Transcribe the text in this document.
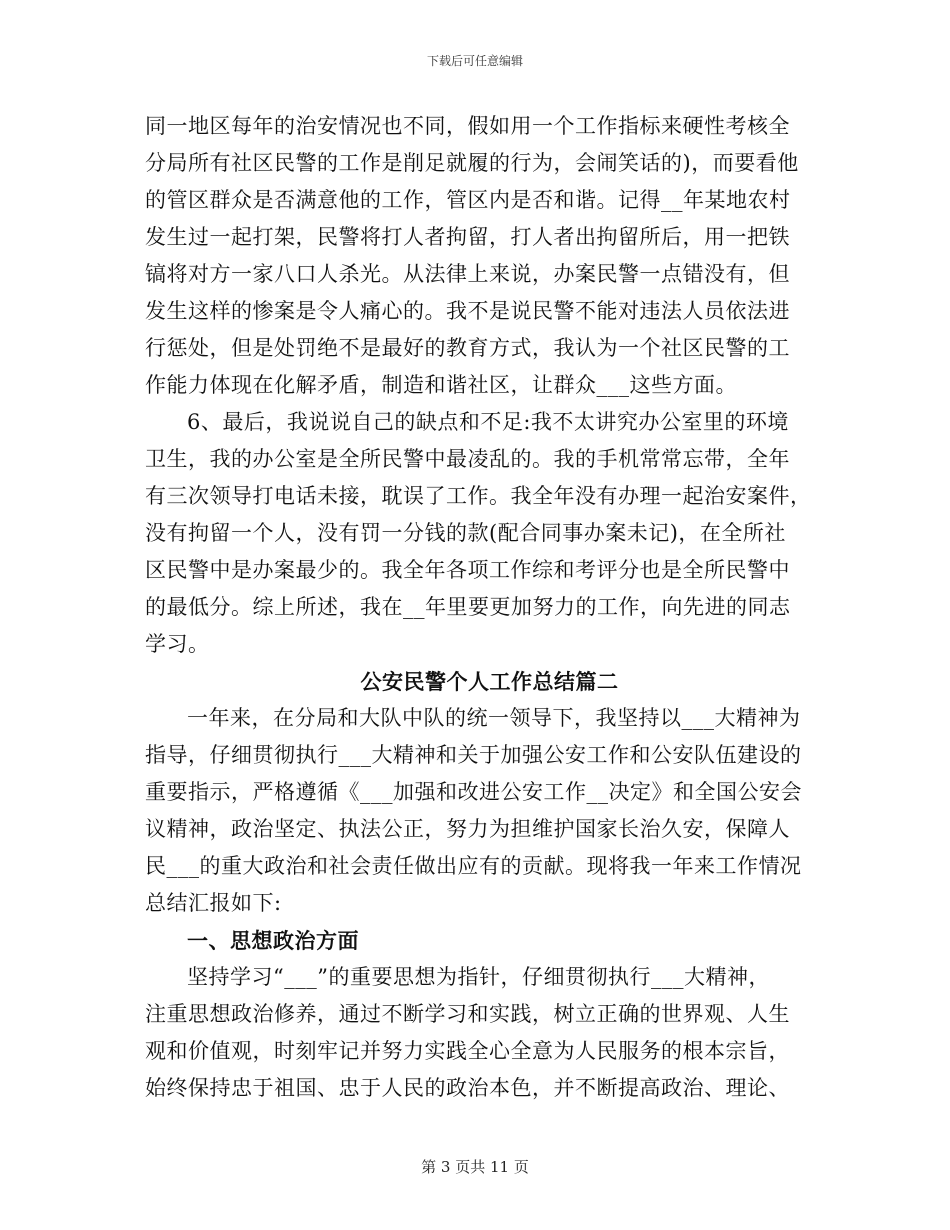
下载后可任意编辑
同一地区每年的治安情况也不同，假如用一个工作指标来硬性考核全
分局所有社区民警的工作是削足就履的行为，会闹笑话的)，而要看他
的管区群众是否满意他的工作，管区内是否和谐。记得__年某地农村
发生过一起打架，民警将打人者拘留，打人者出拘留所后，用一把铁
镐将对方一家八口人杀光。从法律上来说，办案民警一点错没有，但
发生这样的惨案是令人痛心的。我不是说民警不能对违法人员依法进
行惩处，但是处罚绝不是最好的教育方式，我认为一个社区民警的工
作能力体现在化解矛盾，制造和谐社区，让群众___这些方面。
6、最后，我说说自己的缺点和不足:我不太讲究办公室里的环境
卫生，我的办公室是全所民警中最凌乱的。我的手机常常忘带，全年
有三次领导打电话未接，耽误了工作。我全年没有办理一起治安案件，
没有拘留一个人，没有罚一分钱的款(配合同事办案未记)，在全所社
区民警中是办案最少的。我全年各项工作综和考评分也是全所民警中
的最低分。综上所述，我在__年里要更加努力的工作，向先进的同志
学习。
公安民警个人工作总结篇二
一年来，在分局和大队中队的统一领导下，我坚持以___大精神为
指导，仔细贯彻执行___大精神和关于加强公安工作和公安队伍建设的
重要指示，严格遵循《___加强和改进公安工作__决定》和全国公安会
议精神，政治坚定、执法公正，努力为担维护国家长治久安，保障人
民___的重大政治和社会责任做出应有的贡献。现将我一年来工作情况
总结汇报如下:
一、思想政治方面
坚持学习“___”的重要思想为指针，仔细贯彻执行___大精神，
注重思想政治修养，通过不断学习和实践，树立正确的世界观、人生
观和价值观，时刻牢记并努力实践全心全意为人民服务的根本宗旨，
始终保持忠于祖国、忠于人民的政治本色，并不断提高政治、理论、
第 3 页共 11 页
